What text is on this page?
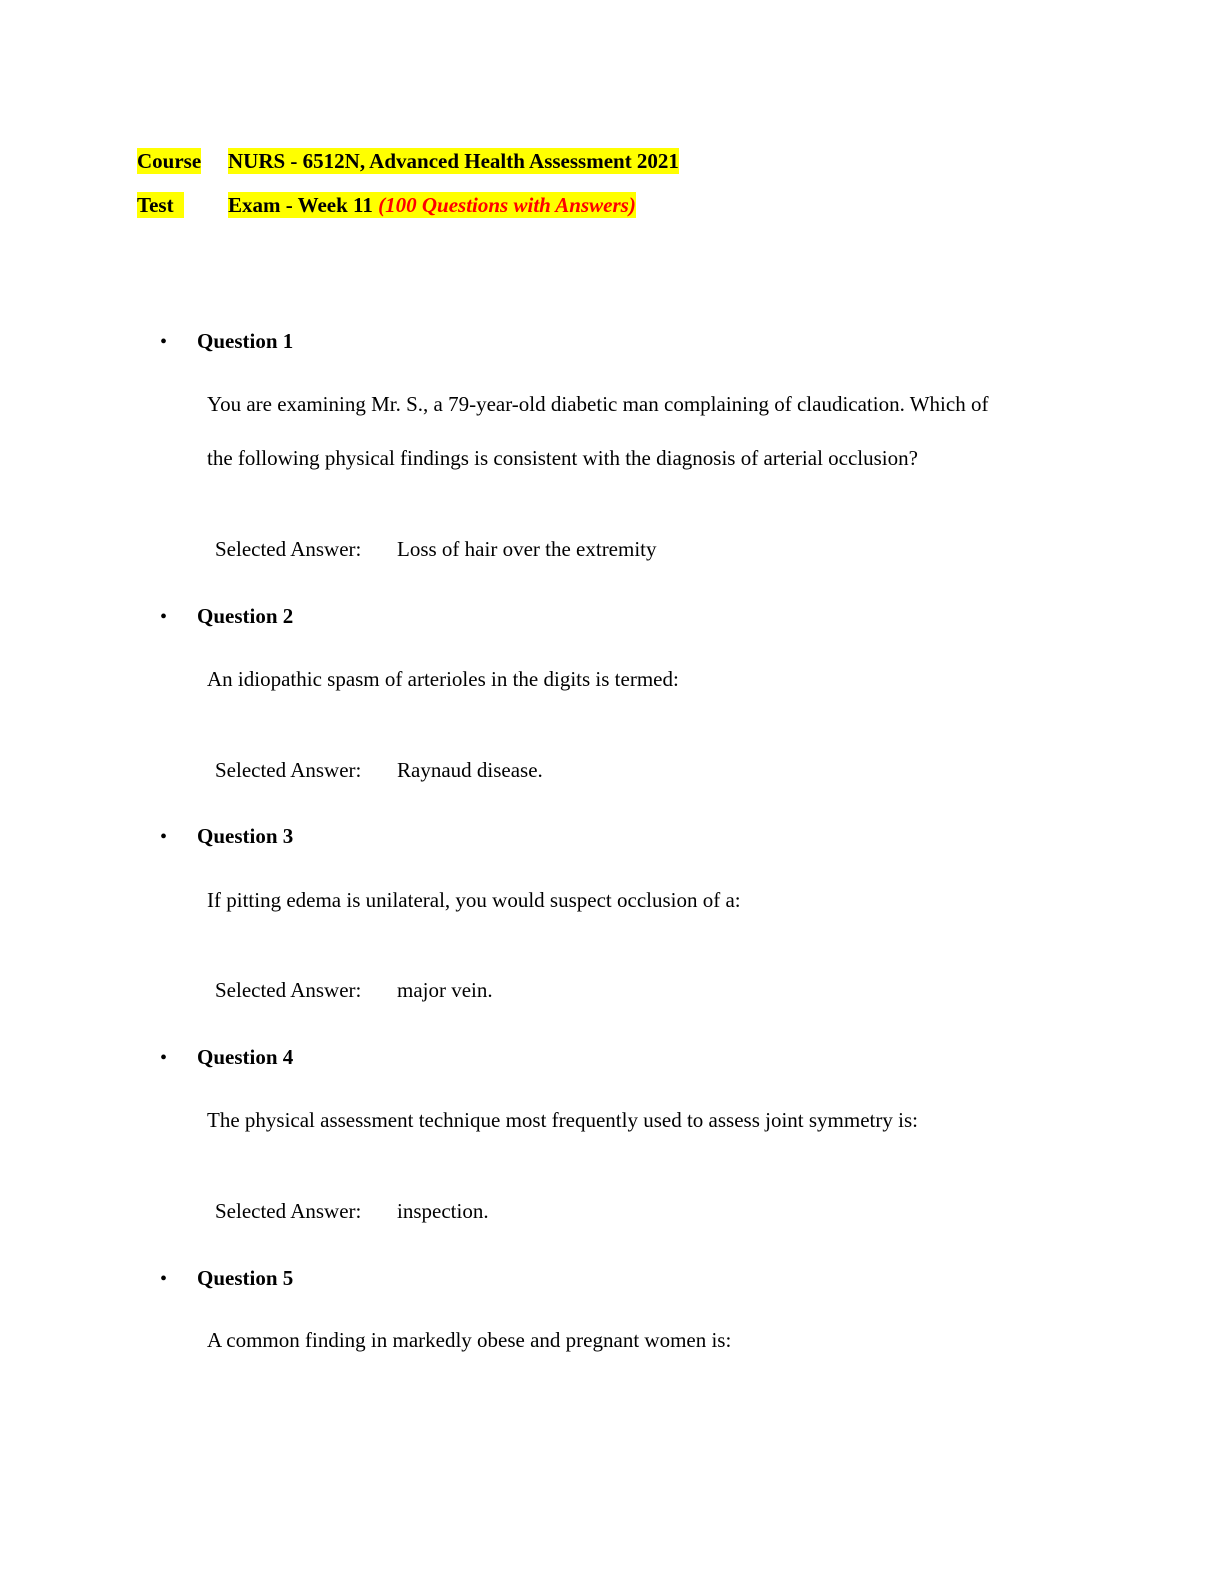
Course NURS - 6512N, Advanced Health Assessment 2021
Test	Exam - Week 11 (100 Questions with Answers)
• Question 1
You are examining Mr. S., a 79-year-old diabetic man complaining of claudication. Which of
the following physical findings is consistent with the diagnosis of arterial occlusion?
Selected Answer: Loss of hair over the extremity
• Question 2
An idiopathic spasm of arterioles in the digits is termed:
Selected Answer: Raynaud disease.
• Question 3
If pitting edema is unilateral, you would suspect occlusion of a:
Selected Answer: major vein.
• Question 4
The physical assessment technique most frequently used to assess joint symmetry is:
Selected Answer: inspection.
• Question 5
A common finding in markedly obese and pregnant women is:
